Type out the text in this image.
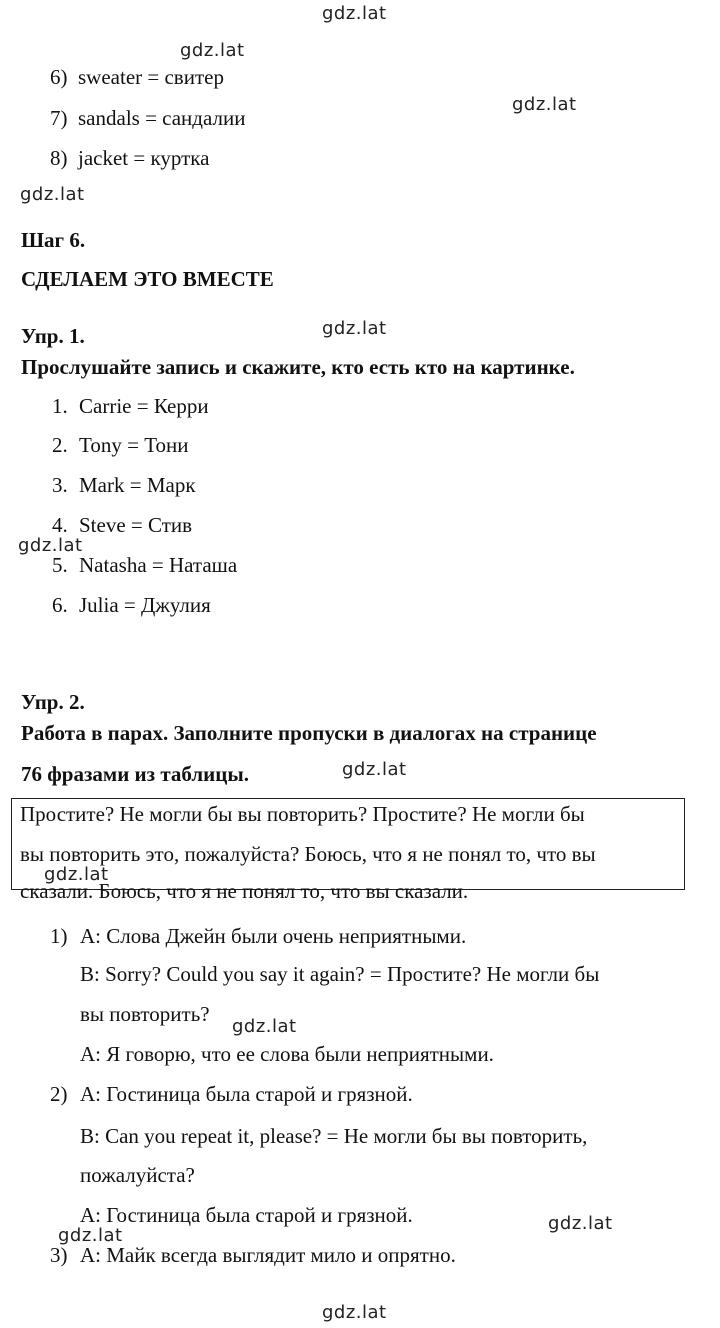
gdz.lat
gdz.lat
gdz.lat
gdz.lat
gdz.lat
gdz.lat
gdz.lat
gdz.lat
gdz.lat
gdz.lat
gdz.lat
gdz.lat
6) sweater = свитер
7) sandals = сандалии
8) jacket = куртка
Шаг 6.
СДЕЛАЕМ ЭТО ВМЕСТЕ
Упр. 1.
Прослушайте запись и скажите, кто есть кто на картинке.
1. Carrie = Керри
2. Tony = Тони
3. Mark = Марк
4. Steve = Стив
5. Natasha = Наташа
6. Julia = Джулия
Упр. 2.
Работа в парах. Заполните пропуски в диалогах на странице
76 фразами из таблицы.
Простите? Не могли бы вы повторить? Простите? Не могли бы
вы повторить это, пожалуйста? Боюсь, что я не понял то, что вы
сказали. Боюсь, что я не понял то, что вы сказали.
1) A: Слова Джейн были очень неприятными.
B: Sorry? Could you say it again? = Простите? Не могли бы
вы повторить?
A: Я говорю, что ее слова были неприятными.
2) A: Гостиница была старой и грязной.
B: Can you repeat it, please? = Не могли бы вы повторить,
пожалуйста?
A: Гостиница была старой и грязной.
3) A: Майк всегда выглядит мило и опрятно.
